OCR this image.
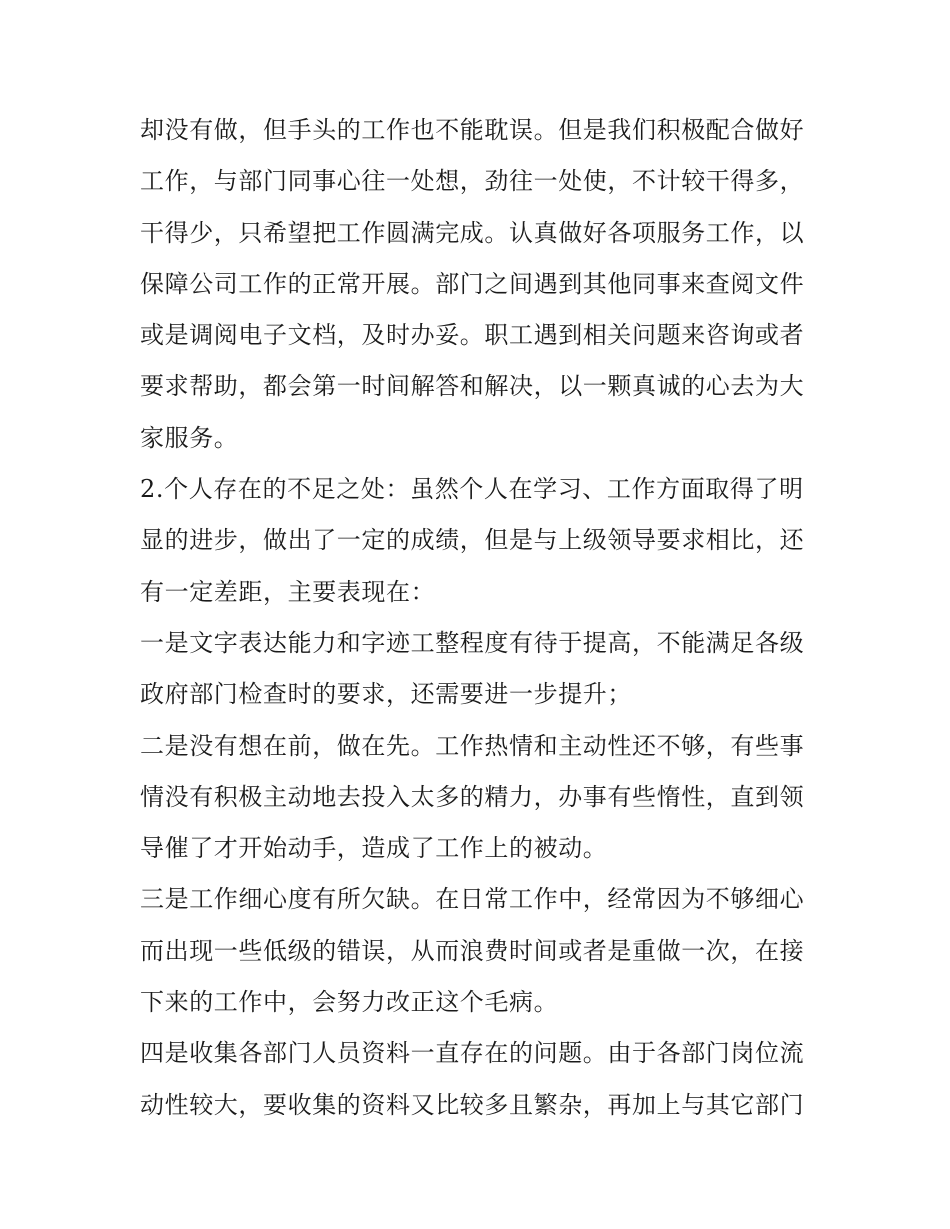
却没有做，但手头的工作也不能耽误。但是我们积极配合做好
工作，与部门同事心往一处想，劲往一处使，不计较干得多，
干得少，只希望把工作圆满完成。认真做好各项服务工作，以
保障公司工作的正常开展。部门之间遇到其他同事来查阅文件
或是调阅电子文档，及时办妥。职工遇到相关问题来咨询或者
要求帮助，都会第一时间解答和解决，以一颗真诚的心去为大
家服务。
2.个人存在的不足之处：虽然个人在学习、工作方面取得了明
显的进步，做出了一定的成绩，但是与上级领导要求相比，还
有一定差距，主要表现在：
一是文字表达能力和字迹工整程度有待于提高，不能满足各级
政府部门检查时的要求，还需要进一步提升；
二是没有想在前，做在先。工作热情和主动性还不够，有些事
情没有积极主动地去投入太多的精力，办事有些惰性，直到领
导催了才开始动手，造成了工作上的被动。
三是工作细心度有所欠缺。在日常工作中，经常因为不够细心
而出现一些低级的错误，从而浪费时间或者是重做一次，在接
下来的工作中，会努力改正这个毛病。
四是收集各部门人员资料一直存在的问题。由于各部门岗位流
动性较大，要收集的资料又比较多且繁杂，再加上与其它部门
